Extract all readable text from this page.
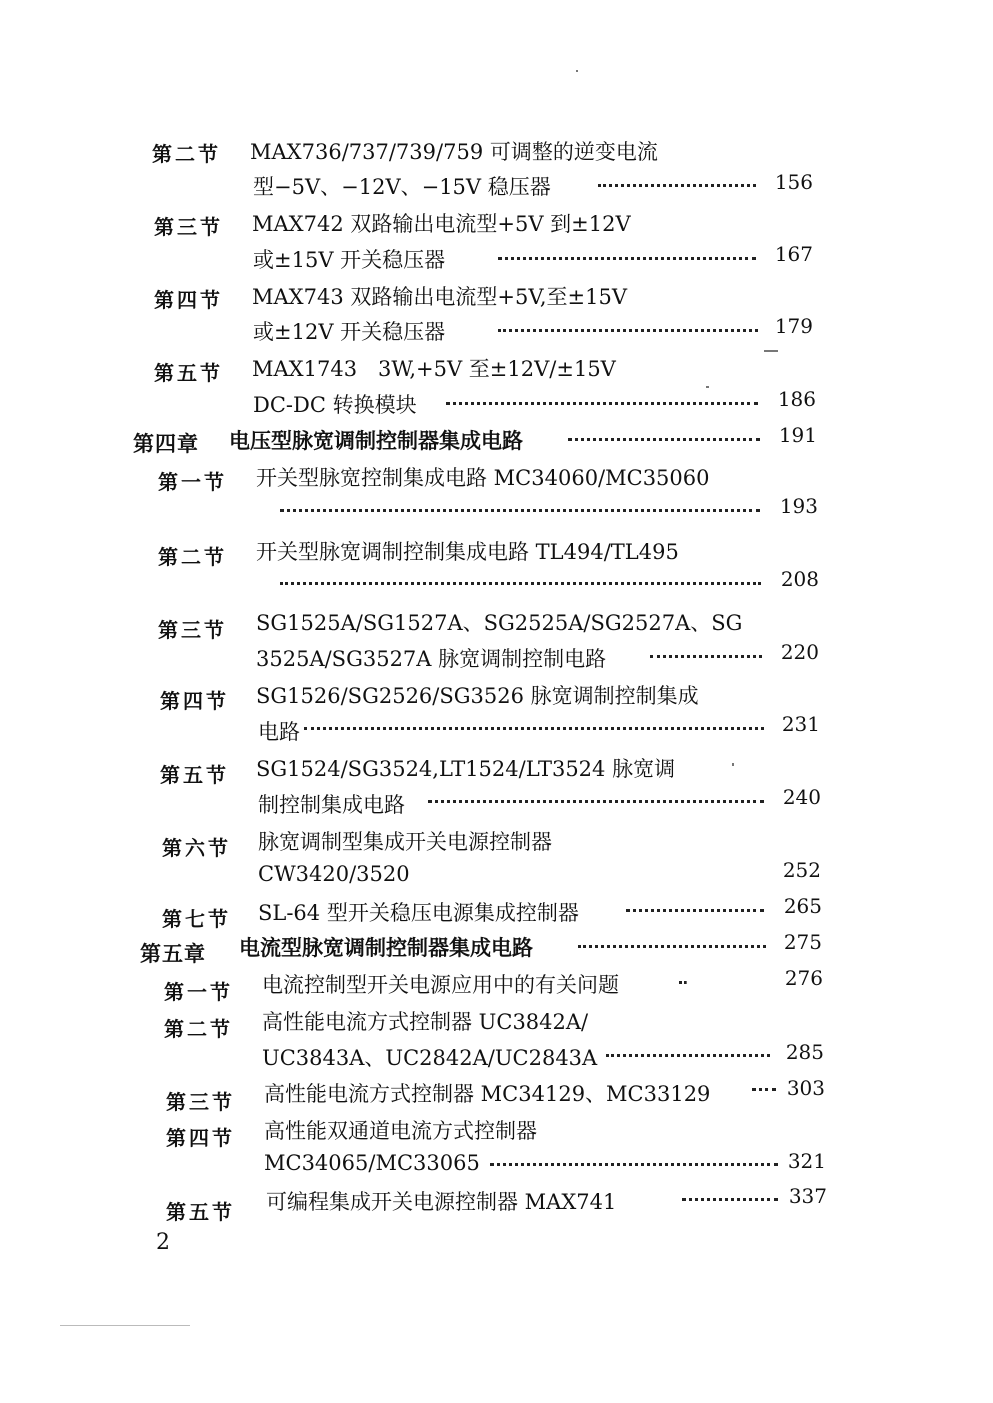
第二节 MAX736/737/739/759 可调整的逆变电流
型−5V、−12V、−15V 稳压器	156
第三节 MAX742 双路输出电流型+5V 到±12V
或±15V 开关稳压器	167
第四节 MAX743 双路输出电流型+5V,至±15V
或±12V 开关稳压器	179
第五节 MAX1743　3W,+5V 至±12V/±15V
DC-DC 转换模块	186
第四章 电压型脉宽调制控制器集成电路	191
第一节 开关型脉宽控制集成电路 MC34060/MC35060
193
第二节 开关型脉宽调制控制集成电路 TL494/TL495
208
第三节 SG1525A/SG1527A、SG2525A/SG2527A、SG
3525A/SG3527A 脉宽调制控制电路	220
第四节 SG1526/SG2526/SG3526 脉宽调制控制集成
电路	231
第五节 SG1524/SG3524,LT1524/LT3524 脉宽调
制控制集成电路	240
第六节 脉宽调制型集成开关电源控制器
CW3420/3520	252
第七节 SL-64 型开关稳压电源集成控制器	265
第五章 电流型脉宽调制控制器集成电路	275
第一节 电流控制型开关电源应用中的有关问题	276
第二节 高性能电流方式控制器 UC3842A/
UC3843A、UC2842A/UC2843A	285
第三节 高性能电流方式控制器 MC34129、MC33129	303
第四节 高性能双通道电流方式控制器
MC34065/MC33065	321
第五节 可编程集成开关电源控制器 MAX741	337
2
